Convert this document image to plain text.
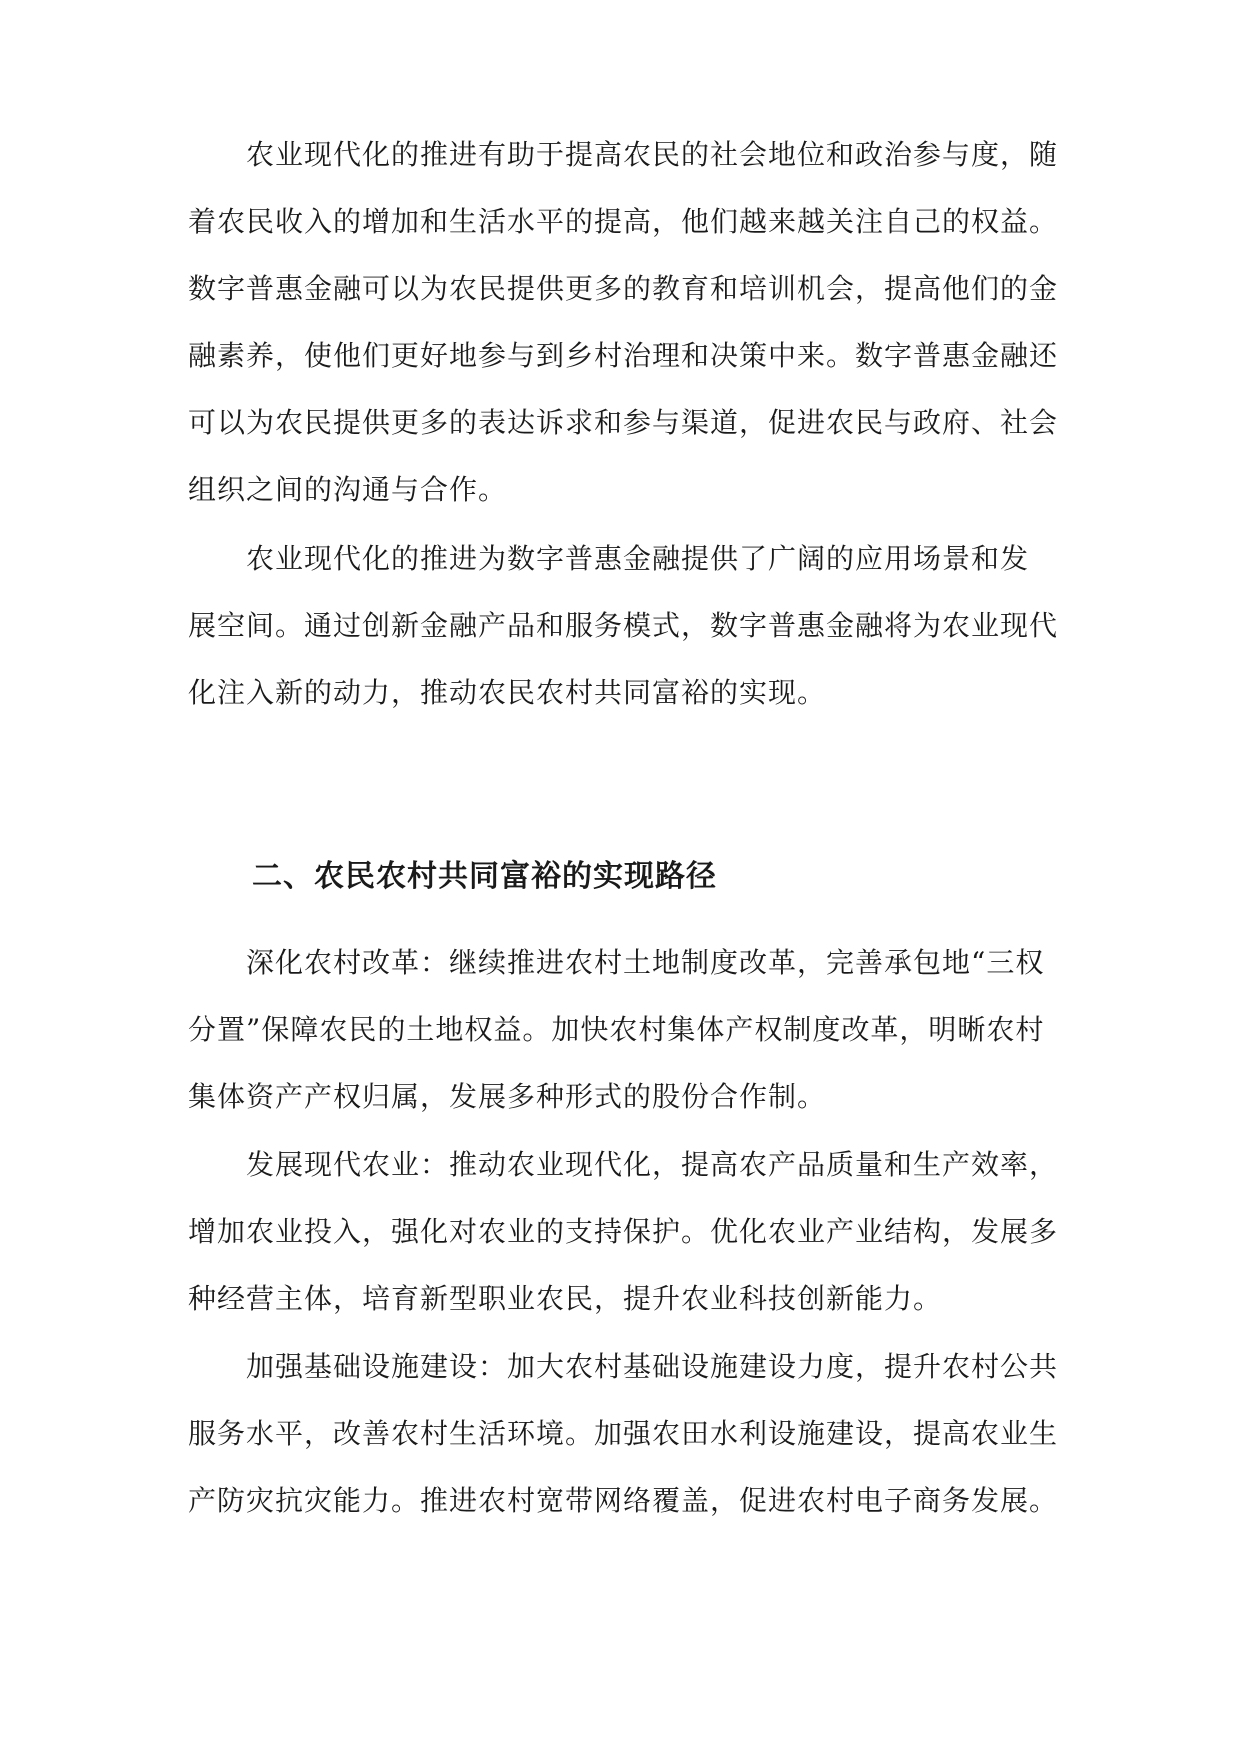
农业现代化的推进有助于提高农民的社会地位和政治参与度，随
着农民收入的增加和生活水平的提高，他们越来越关注自己的权益。
数字普惠金融可以为农民提供更多的教育和培训机会，提高他们的金
融素养，使他们更好地参与到乡村治理和决策中来。数字普惠金融还
可以为农民提供更多的表达诉求和参与渠道，促进农民与政府、社会
组织之间的沟通与合作。
农业现代化的推进为数字普惠金融提供了广阔的应用场景和发
展空间。通过创新金融产品和服务模式，数字普惠金融将为农业现代
化注入新的动力，推动农民农村共同富裕的实现。
二、农民农村共同富裕的实现路径
深化农村改革：继续推进农村土地制度改革，完善承包地“三权
分置”保障农民的土地权益。加快农村集体产权制度改革，明晰农村
集体资产产权归属，发展多种形式的股份合作制。
发展现代农业：推动农业现代化，提高农产品质量和生产效率，
增加农业投入，强化对农业的支持保护。优化农业产业结构，发展多
种经营主体，培育新型职业农民，提升农业科技创新能力。
加强基础设施建设：加大农村基础设施建设力度，提升农村公共
服务水平，改善农村生活环境。加强农田水利设施建设，提高农业生
产防灾抗灾能力。推进农村宽带网络覆盖，促进农村电子商务发展。
